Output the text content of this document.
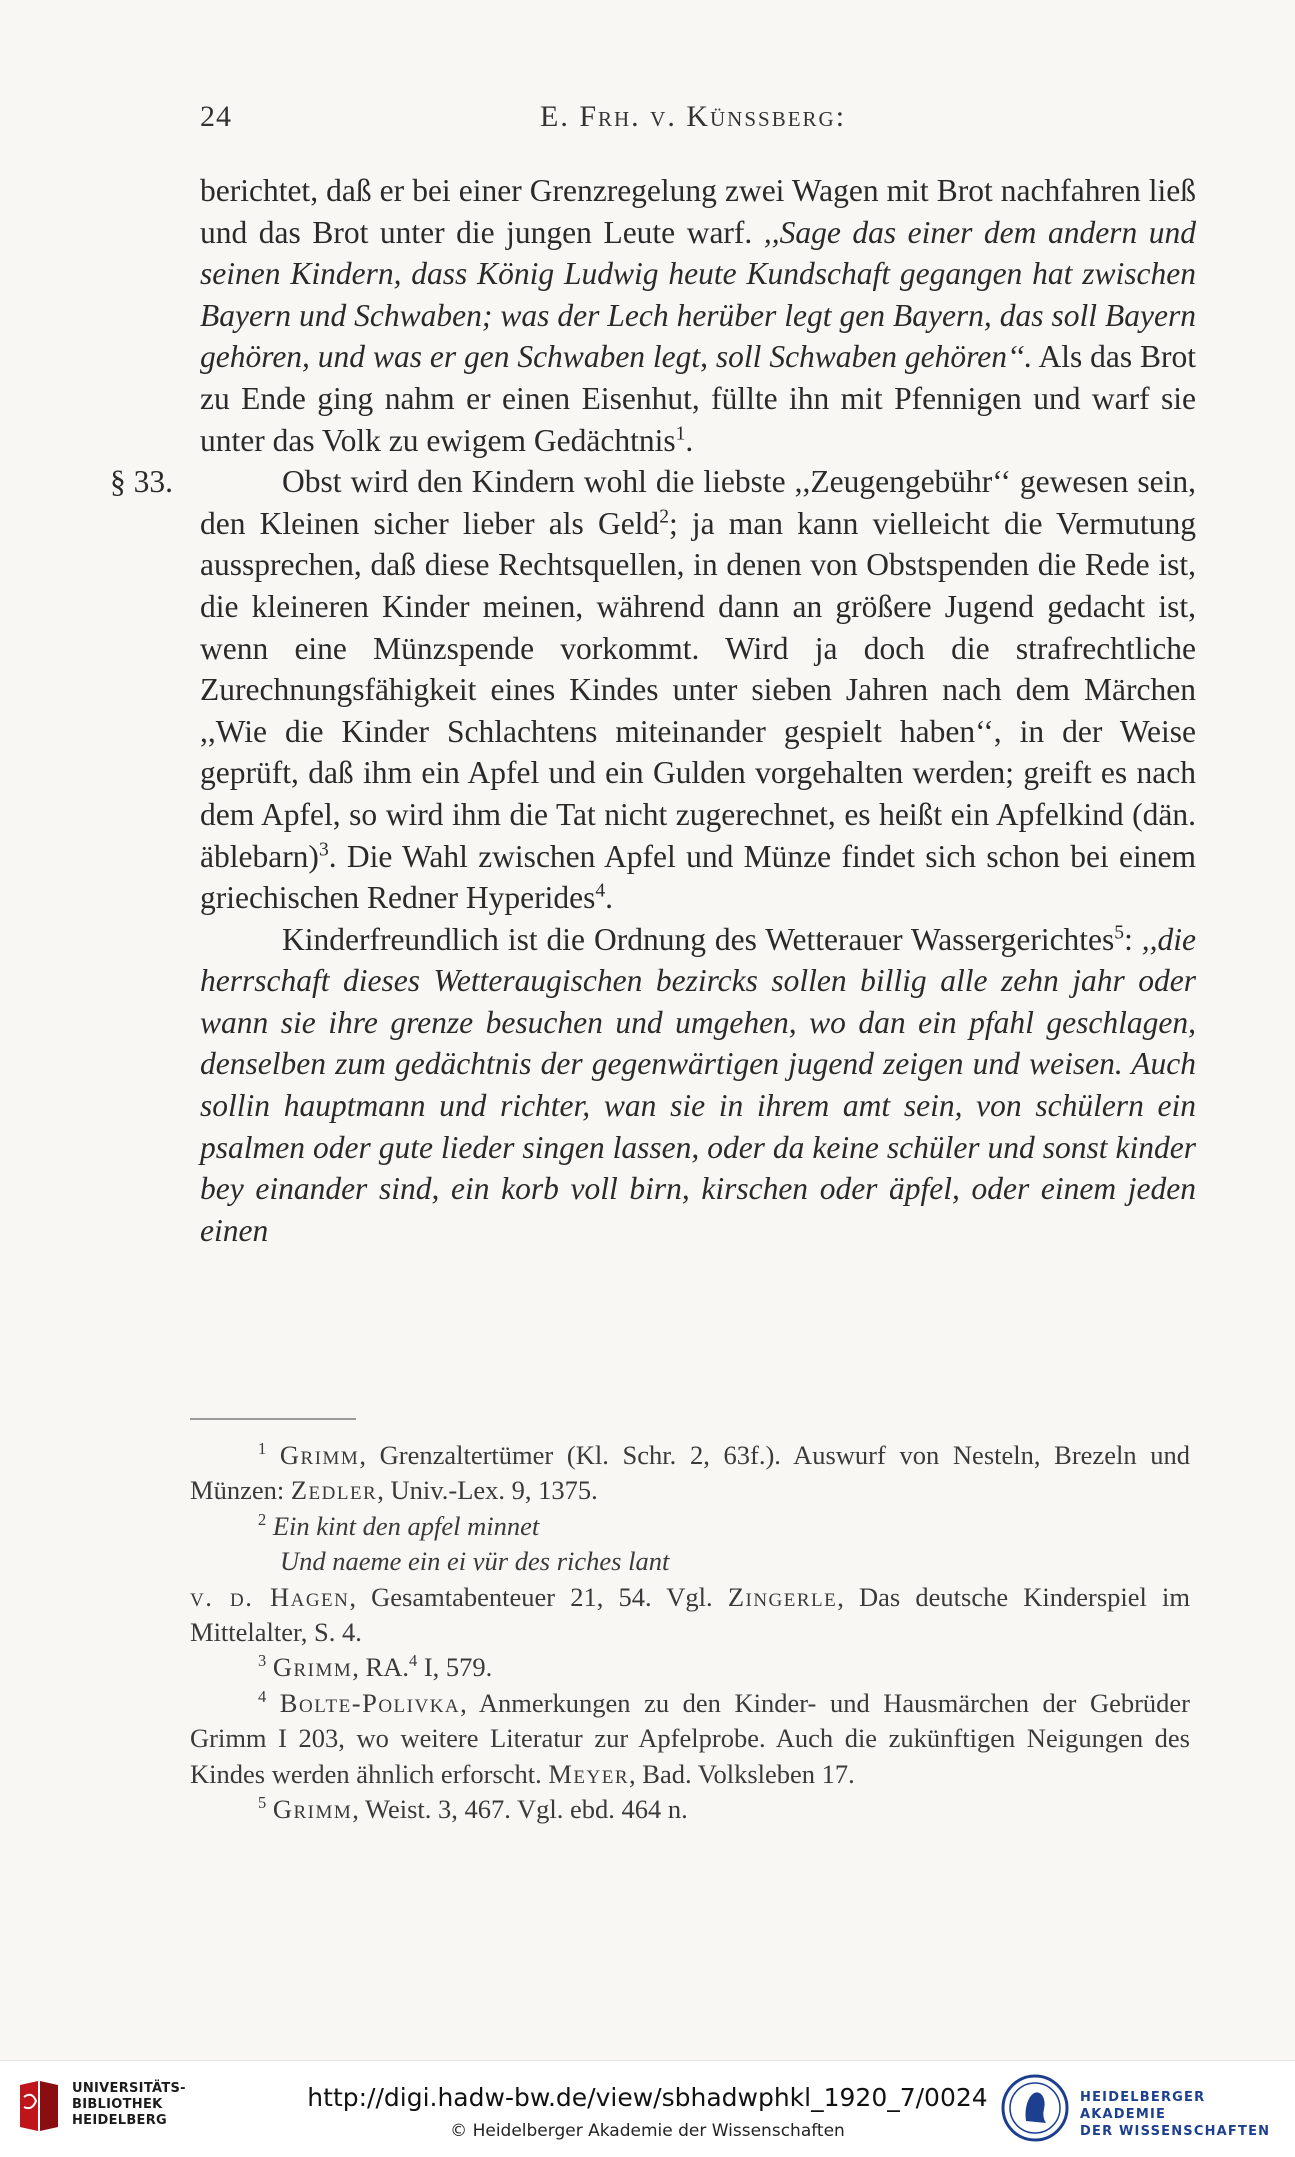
24	E. Frh. v. Künssberg:

berichtet, daß er bei einer Grenzregelung zwei Wagen mit Brot nachfahren ließ und das Brot unter die jungen Leute warf. ,,Sage das einer dem andern und seinen Kindern, dass König Ludwig heute Kundschaft gegangen hat zwischen Bayern und Schwaben; was der Lech herüber legt gen Bayern, das soll Bayern gehören, und was er gen Schwaben legt, soll Schwaben gehören‘‘. Als das Brot zu Ende ging nahm er einen Eisenhut, füllte ihn mit Pfennigen und warf sie unter das Volk zu ewigem Gedächtnis$^1$.

§ 33.	Obst wird den Kindern wohl die liebste ,,Zeugengebühr‘‘ gewesen sein, den Kleinen sicher lieber als Geld$^2$; ja man kann vielleicht die Vermutung aussprechen, daß diese Rechtsquellen, in denen von Obstspenden die Rede ist, die kleineren Kinder meinen, während dann an größere Jugend gedacht ist, wenn eine Münzspende vorkommt. Wird ja doch die strafrechtliche Zurechnungsfähigkeit eines Kindes unter sieben Jahren nach dem Märchen ,,Wie die Kinder Schlachtens miteinander gespielt haben‘‘, in der Weise geprüft, daß ihm ein Apfel und ein Gulden vorgehalten werden; greift es nach dem Apfel, so wird ihm die Tat nicht zugerechnet, es heißt ein Apfelkind (dän. äblebarn)$^3$. Die Wahl zwischen Apfel und Münze findet sich schon bei einem griechischen Redner Hyperides$^4$.

Kinderfreundlich ist die Ordnung des Wetterauer Wassergerichtes$^5$: ,,die herrschaft dieses Wetteraugischen bezircks sollen billig alle zehn jahr oder wann sie ihre grenze besuchen und umgehen, wo dan ein pfahl geschlagen, denselben zum gedächtnis der gegenwärtigen jugend zeigen und weisen. Auch sollin hauptmann und richter, wan sie in ihrem amt sein, von schülern ein psalmen oder gute lieder singen lassen, oder da keine schüler und sonst kinder bey einander sind, ein korb voll birn, kirschen oder äpfel, oder einem jeden einen

$^1$ Grimm, Grenzaltertümer (Kl. Schr. 2, 63f.). Auswurf von Nesteln, Brezeln und Münzen: Zedler, Univ.-Lex. 9, 1375.

$^2$ Ein kint den apfel minnet

Und naeme ein ei vür des riches lant

v. d. Hagen, Gesamtabenteuer 21, 54. Vgl. Zingerle, Das deutsche Kinderspiel im Mittelalter, S. 4.

$^3$ Grimm, RA.$^4$ I, 579.

$^4$ Bolte-Polivka, Anmerkungen zu den Kinder- und Hausmärchen der Gebrüder Grimm I 203, wo weitere Literatur zur Apfelprobe. Auch die zukünftigen Neigungen des Kindes werden ähnlich erforscht. Meyer, Bad. Volksleben 17.

$^5$ Grimm, Weist. 3, 467. Vgl. ebd. 464 n.

UNIVERSITÄTS-
BIBLIOTHEK
HEIDELBERG
http://digi.hadw-bw.de/view/sbhadwphkl_1920_7/0024
© Heidelberger Akademie der Wissenschaften
HEIDELBERGER AKADEMIE
DER WISSENSCHAFTEN
